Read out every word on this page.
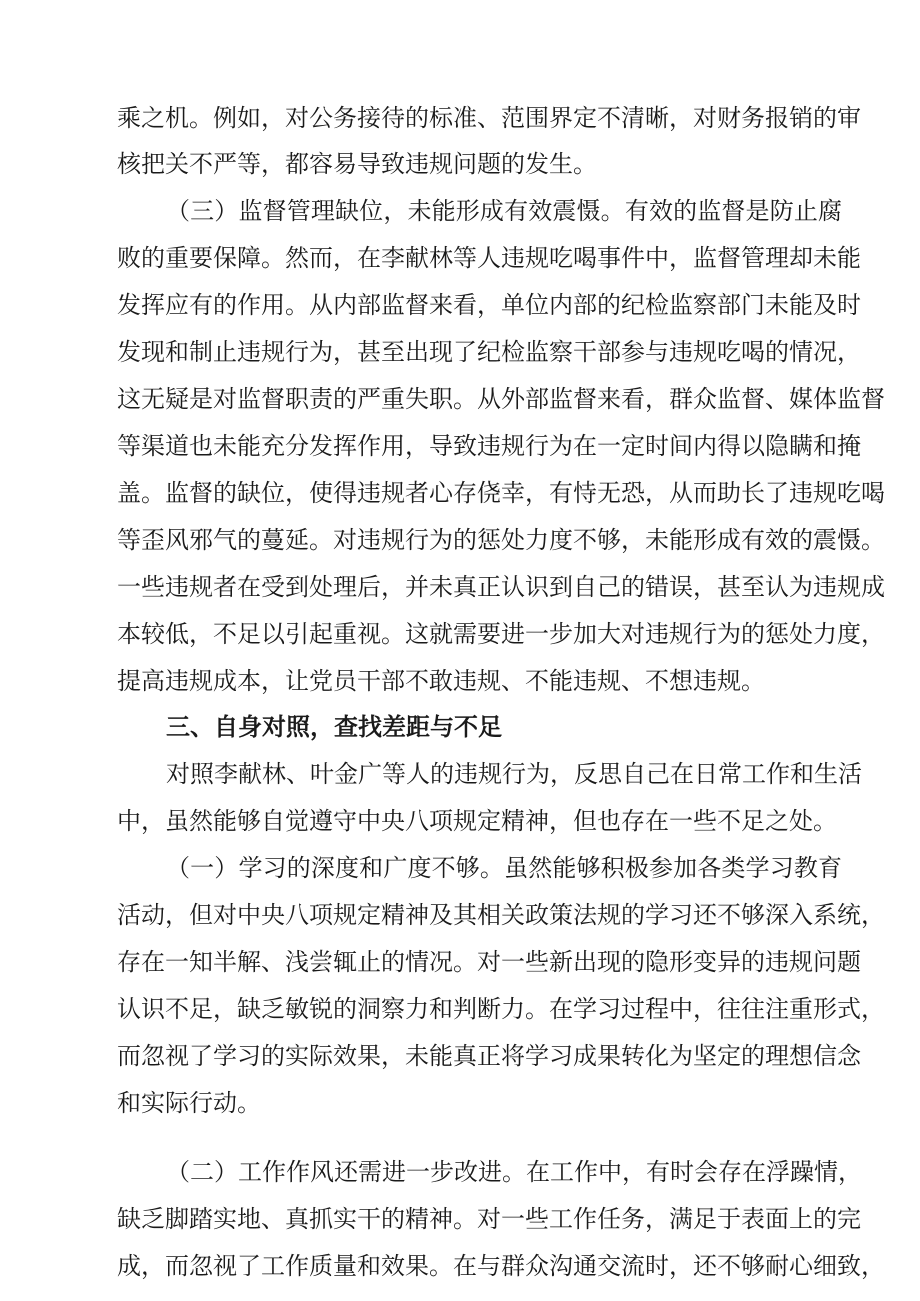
乘之机。例如，对公务接待的标准、范围界定不清晰，对财务报销的审
核把关不严等，都容易导致违规问题的发生。
（三）监督管理缺位，未能形成有效震慑。有效的监督是防止腐
败的重要保障。然而，在李献林等人违规吃喝事件中，监督管理却未能
发挥应有的作用。从内部监督来看，单位内部的纪检监察部门未能及时
发现和制止违规行为，甚至出现了纪检监察干部参与违规吃喝的情况，
这无疑是对监督职责的严重失职。从外部监督来看，群众监督、媒体监督
等渠道也未能充分发挥作用，导致违规行为在一定时间内得以隐瞒和掩
盖。监督的缺位，使得违规者心存侥幸，有恃无恐，从而助长了违规吃喝
等歪风邪气的蔓延。对违规行为的惩处力度不够，未能形成有效的震慑。
一些违规者在受到处理后，并未真正认识到自己的错误，甚至认为违规成
本较低，不足以引起重视。这就需要进一步加大对违规行为的惩处力度，
提高违规成本，让党员干部不敢违规、不能违规、不想违规。
三、自身对照，查找差距与不足
对照李献林、叶金广等人的违规行为，反思自己在日常工作和生活
中，虽然能够自觉遵守中央八项规定精神，但也存在一些不足之处。
（一）学习的深度和广度不够。虽然能够积极参加各类学习教育
活动，但对中央八项规定精神及其相关政策法规的学习还不够深入系统，
存在一知半解、浅尝辄止的情况。对一些新出现的隐形变异的违规问题
认识不足，缺乏敏锐的洞察力和判断力。在学习过程中，往往注重形式，
而忽视了学习的实际效果，未能真正将学习成果转化为坚定的理想信念
和实际行动。
（二）工作作风还需进一步改进。在工作中，有时会存在浮躁情，
缺乏脚踏实地、真抓实干的精神。对一些工作任务，满足于表面上的完
成，而忽视了工作质量和效果。在与群众沟通交流时，还不够耐心细致，
